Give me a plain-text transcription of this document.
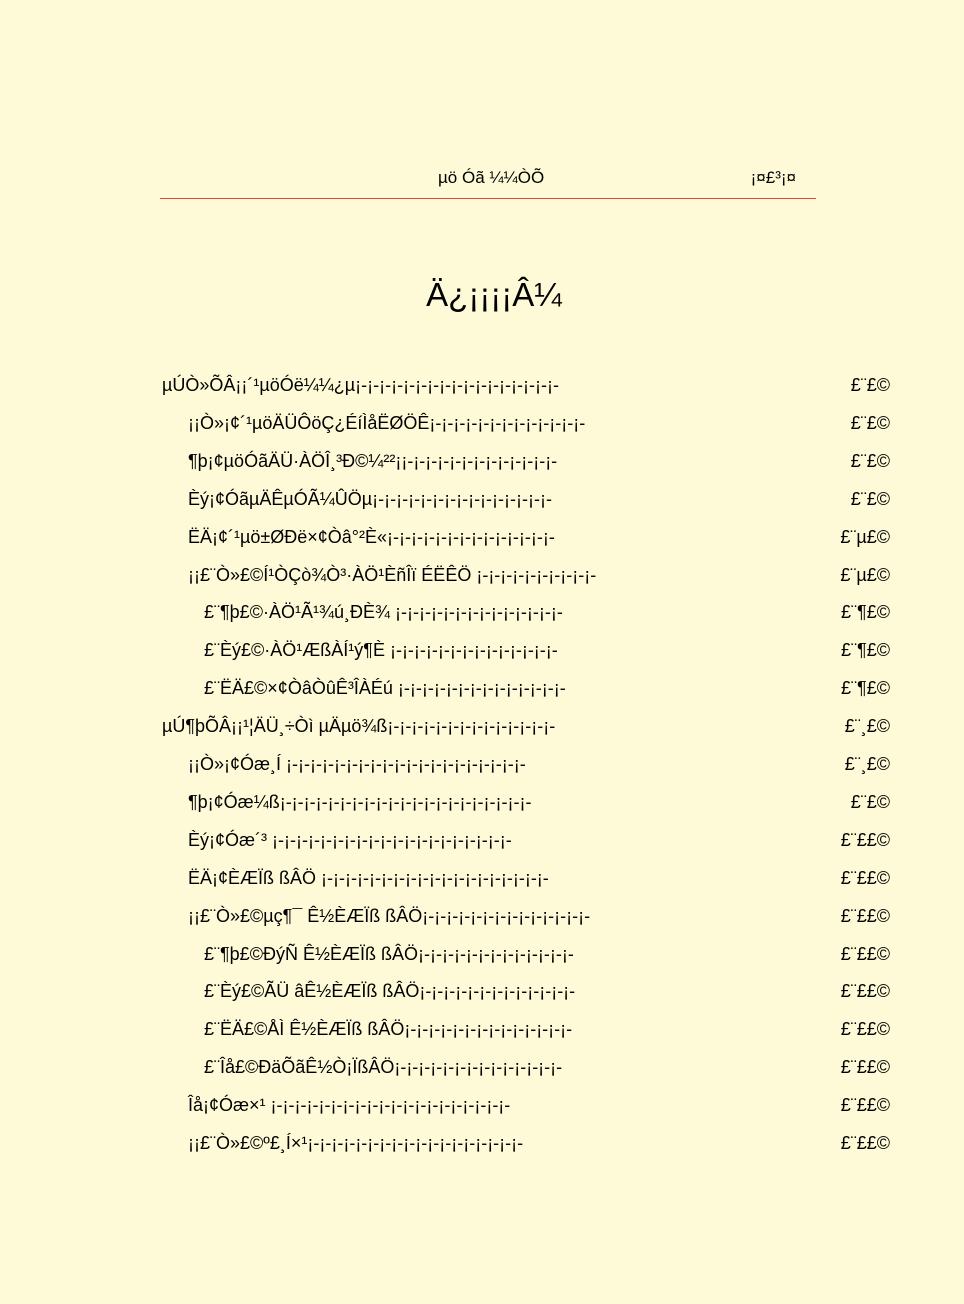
µö Óã ¼¼ÒÕ	¡¤£³¡¤
Ä¿¡¡¡¡Â¼
µÚÒ»ÕÂ¡¡´¹µöÓë¼¼¿µ¡-¡-¡-¡-¡-¡-¡-¡-¡-¡-¡-¡-¡-¡-¡-¡-¡-	£¨£©
¡¡Ò»¡¢´¹µöÄÜÔöÇ¿ÉíÌåËØÖÊ¡-¡-¡-¡-¡-¡-¡-¡-¡-¡-¡-¡-¡-	£¨£©
¶þ¡¢µöÓãÄÜ·ÀÖÎ¸³Ð©¼²²¡¡-¡-¡-¡-¡-¡-¡-¡-¡-¡-¡-¡-¡-	£¨£©
Èý¡¢ÓãµÄÊµÓÃ¼ÛÖµ¡-¡-¡-¡-¡-¡-¡-¡-¡-¡-¡-¡-¡-¡-¡-	£¨£©
ËÄ¡¢´¹µö±ØÐë×¢Òâ°²È«¡-¡-¡-¡-¡-¡-¡-¡-¡-¡-¡-¡-¡-¡-	£¨µ£©
¡¡£¨Ò»£©Í¹ÒÇò¾Ò³·ÀÖ¹ÈñÎï ÉËÊÖ ¡-¡-¡-¡-¡-¡-¡-¡-¡-¡-	£¨µ£©
£¨¶þ£©·ÀÖ¹Ã¹¾ú¸ÐÈ¾ ¡-¡-¡-¡-¡-¡-¡-¡-¡-¡-¡-¡-¡-¡-	£¨¶£©
£¨Èý£©·ÀÖ¹ÆßÀÍ¹ý¶È ¡-¡-¡-¡-¡-¡-¡-¡-¡-¡-¡-¡-¡-¡-	£¨¶£©
£¨ËÄ£©×¢ÒâÒûÊ³ÎÀÉú ¡-¡-¡-¡-¡-¡-¡-¡-¡-¡-¡-¡-¡-¡-	£¨¶£©
µÚ¶þÕÂ¡¡¹¦ÄÜ¸÷Òì µÄµö¾ß¡-¡-¡-¡-¡-¡-¡-¡-¡-¡-¡-¡-¡-¡-	£¨¸£©
¡¡Ò»¡¢Óæ¸Í ¡-¡-¡-¡-¡-¡-¡-¡-¡-¡-¡-¡-¡-¡-¡-¡-¡-¡-¡-¡-	£¨¸£©
¶þ¡¢Óæ¼ß¡-¡-¡-¡-¡-¡-¡-¡-¡-¡-¡-¡-¡-¡-¡-¡-¡-¡-¡-¡-¡-	£¨£©
Èý¡¢Óæ´³ ¡-¡-¡-¡-¡-¡-¡-¡-¡-¡-¡-¡-¡-¡-¡-¡-¡-¡-¡-¡-	£¨££©
ËÄ¡¢ÈÆÏß ßÂÖ ¡-¡-¡-¡-¡-¡-¡-¡-¡-¡-¡-¡-¡-¡-¡-¡-¡-¡-¡-	£¨££©
¡¡£¨Ò»£©µç¶¯ Ê½ÈÆÏß ßÂÖ¡-¡-¡-¡-¡-¡-¡-¡-¡-¡-¡-¡-¡-¡-	£¨££©
£¨¶þ£©ÐýÑ Ê½ÈÆÏß ßÂÖ¡-¡-¡-¡-¡-¡-¡-¡-¡-¡-¡-¡-¡-	£¨££©
£¨Èý£©ÃÜ âÊ½ÈÆÏß ßÂÖ¡-¡-¡-¡-¡-¡-¡-¡-¡-¡-¡-¡-¡-	£¨££©
£¨ËÄ£©ÅÌ Ê½ÈÆÏß ßÂÖ¡-¡-¡-¡-¡-¡-¡-¡-¡-¡-¡-¡-¡-¡-	£¨££©
£¨Îå£©ÐäÕãÊ½Ò¡ÏßÂÖ¡-¡-¡-¡-¡-¡-¡-¡-¡-¡-¡-¡-¡-¡-	£¨££©
Îå¡¢Óæ×¹ ¡-¡-¡-¡-¡-¡-¡-¡-¡-¡-¡-¡-¡-¡-¡-¡-¡-¡-¡-¡-	£¨££©
¡¡£¨Ò»£©º£¸Í×¹¡-¡-¡-¡-¡-¡-¡-¡-¡-¡-¡-¡-¡-¡-¡-¡-¡-¡-	£¨££©
